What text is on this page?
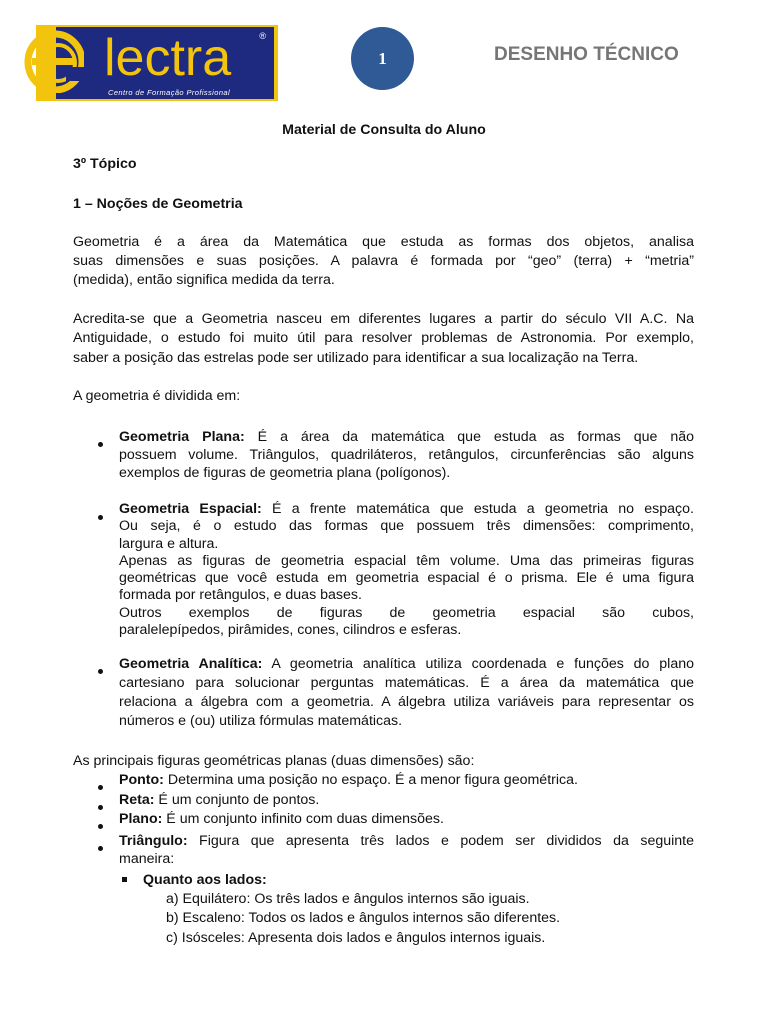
lectra	®
Centro de Formação Profissional
1	DESENHO TÉCNICO
Material de Consulta do Aluno
3º Tópico
1 – Noções de Geometria
Geometria é a área da Matemática que estuda as formas dos objetos, analisa
suas dimensões e suas posições. A palavra é formada por “geo” (terra) + “metria”
(medida), então significa medida da terra.
Acredita-se que a Geometria nasceu em diferentes lugares a partir do século VII A.C. Na
Antiguidade, o estudo foi muito útil para resolver problemas de Astronomia. Por exemplo,
saber a posição das estrelas pode ser utilizado para identificar a sua localização na Terra.
A geometria é dividida em:
Geometria Plana: É a área da matemática que estuda as formas que não
possuem volume. Triângulos, quadriláteros, retângulos, circunferências são alguns
exemplos de figuras de geometria plana (polígonos).
Geometria Espacial: É a frente matemática que estuda a geometria no espaço.
Ou seja, é o estudo das formas que possuem três dimensões: comprimento,
largura e altura.
Apenas as figuras de geometria espacial têm volume. Uma das primeiras figuras
geométricas que você estuda em geometria espacial é o prisma. Ele é uma figura
formada por retângulos, e duas bases.
Outros exemplos de figuras de geometria espacial são cubos,
paralelepípedos, pirâmides, cones, cilindros e esferas.
Geometria Analítica: A geometria analítica utiliza coordenada e funções do plano
cartesiano para solucionar perguntas matemáticas. É a área da matemática que
relaciona a álgebra com a geometria. A álgebra utiliza variáveis para representar os
números e (ou) utiliza fórmulas matemáticas.
As principais figuras geométricas planas (duas dimensões) são:
Ponto: Determina uma posição no espaço. É a menor figura geométrica.
Reta: É um conjunto de pontos.
Plano: É um conjunto infinito com duas dimensões.
Triângulo: Figura que apresenta três lados e podem ser divididos da seguinte
maneira:
Quanto aos lados:
a) Equilátero: Os três lados e ângulos internos são iguais.
b) Escaleno: Todos os lados e ângulos internos são diferentes.
c) Isósceles: Apresenta dois lados e ângulos internos iguais.
